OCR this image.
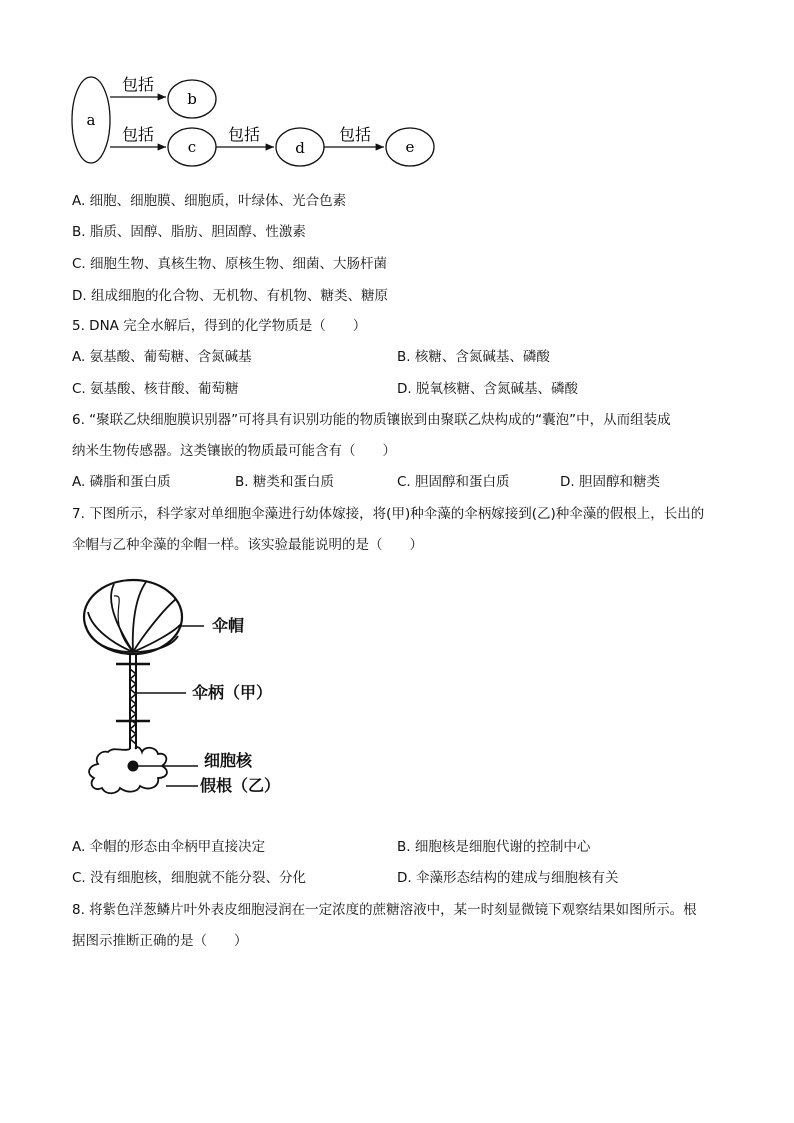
a
b
c	d	e
包括
包括	包括	包括
A. 细胞、细胞膜、细胞质，叶绿体、光合色素
B. 脂质、固醇、脂肪、胆固醇、性激素
C. 细胞生物、真核生物、原核生物、细菌、大肠杆菌
D. 组成细胞的化合物、无机物、有机物、糖类、糖原
5. DNA 完全水解后，得到的化学物质是（　　）
A. 氨基酸、葡萄糖、含氮碱基	B. 核糖、含氮碱基、磷酸
C. 氨基酸、核苷酸、葡萄糖	D. 脱氧核糖、含氮碱基、磷酸
6. “聚联乙炔细胞膜识别器”可将具有识别功能的物质镶嵌到由聚联乙炔构成的“囊泡”中，从而组装成
纳米生物传感器。这类镶嵌的物质最可能含有（　　）
A. 磷脂和蛋白质	B. 糖类和蛋白质	C. 胆固醇和蛋白质	D. 胆固醇和糖类
7. 下图所示，科学家对单细胞伞藻进行幼体嫁接，将(甲)种伞藻的伞柄嫁接到(乙)种伞藻的假根上，长出的
伞帽与乙种伞藻的伞帽一样。该实验最能说明的是（　　）
伞帽
伞柄（甲）
细胞核
假根（乙）
A. 伞帽的形态由伞柄甲直接决定	B. 细胞核是细胞代谢的控制中心
C. 没有细胞核，细胞就不能分裂、分化	D. 伞藻形态结构的建成与细胞核有关
8. 将紫色洋葱鳞片叶外表皮细胞浸润在一定浓度的蔗糖溶液中，某一时刻显微镜下观察结果如图所示。根
据图示推断正确的是（　　）
